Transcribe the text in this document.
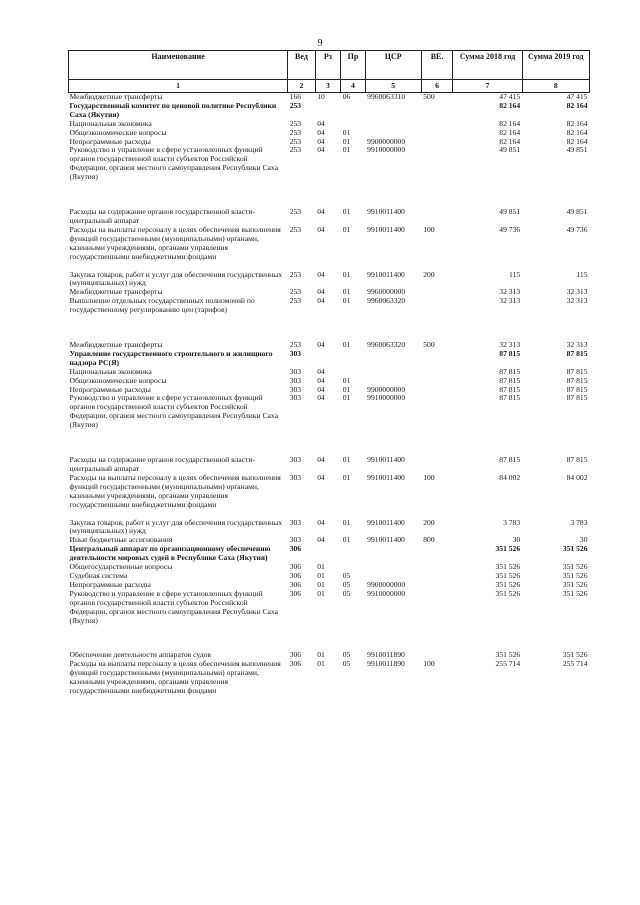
9
Наименование	Вед	Рз	Пр	ЦСР	ВЕ.	Сумма 2018 год	Сумма 2019 год
1	2	3	4	5	6	7	8
Межбюджетные трансферты	166	10	06	9960063310	500	47 415	47 415
Государственный комитет по ценовой политике Республики Саха (Якутия)	253					82 164	82 164
Национальная экономика	253	04				82 164	82 164
Общеэкономические вопросы	253	04	01			82 164	82 164
Непрограммные расходы	253	04	01	9900000000		82 164	82 164
Руководство и управление в сфере установленных функций органов государственной власти субъектов Российской Федерации, органов местного самоуправления Республики Саха (Якутия)	253	04	01	9910000000		49 851	49 851

Расходы на содержание органов государственной власти- центральный аппарат	253	04	01	9910011400		49 851	49 851
Расходы на выплаты персоналу в целях обеспечения выполнения функций государственными (муниципальными) органами, казенными учреждениями, органами управления государственными внебюджетными фондами	253	04	01	9910011400	100	49 736	49 736

Закупка товаров, работ и услуг для обеспечения государственных (муниципальных) нужд	253	04	01	9910011400	200	115	115
Межбюджетные трансферты	253	04	01	9960000000		32 313	32 313
Выполнение отдельных государственных полномочий по государственному регулированию цен (тарифов)	253	04	01	9960063320		32 313	32 313

Межбюджетные трансферты	253	04	01	9960063320	500	32 313	32 313
Управление государственного строительного и жилищного надзора РС(Я)	303					87 815	87 815
Национальная экономика	303	04				87 815	87 815
Общеэкономические вопросы	303	04	01			87 815	87 815
Непрограммные расходы	303	04	01	9900000000		87 815	87 815
Руководство и управление в сфере установленных функций органов государственной власти субъектов Российской Федерации, органов местного самоуправления Республики Саха (Якутия)	303	04	01	9910000000		87 815	87 815

Расходы на содержание органов государственной власти- центральный аппарат	303	04	01	9910011400		87 815	87 815
Расходы на выплаты персоналу в целях обеспечения выполнения функций государственными (муниципальными) органами, казенными учреждениями, органами управления государственными внебюджетными фондами	303	04	01	9910011400	100	84 002	84 002

Закупка товаров, работ и услуг для обеспечения государственных (муниципальных) нужд	303	04	01	9910011400	200	3 783	3 783
Иные бюджетные ассигнования	303	04	01	9910011400	800	30	30
Центральный аппарат по организационному обеспечению деятельности мировых судей в Республике Саха (Якутия)	306					351 526	351 526
Общегосударственные вопросы	306	01				351 526	351 526
Судебная система	306	01	05			351 526	351 526
Непрограммные расходы	306	01	05	9900000000		351 526	351 526
Руководство и управление в сфере установленных функций органов государственной власти субъектов Российской Федерации, органов местного самоуправления Республики Саха (Якутия)	306	01	05	9910000000		351 526	351 526

Обеспечение деятельности аппаратов судов	306	01	05	9910011890		351 526	351 526
Расходы на выплаты персоналу в целях обеспечения выполнения функций государственными (муниципальными) органами, казенными учреждениями, органами управления государственными внебюджетными фондами	306	01	05	9910011890	100	255 714	255 714
